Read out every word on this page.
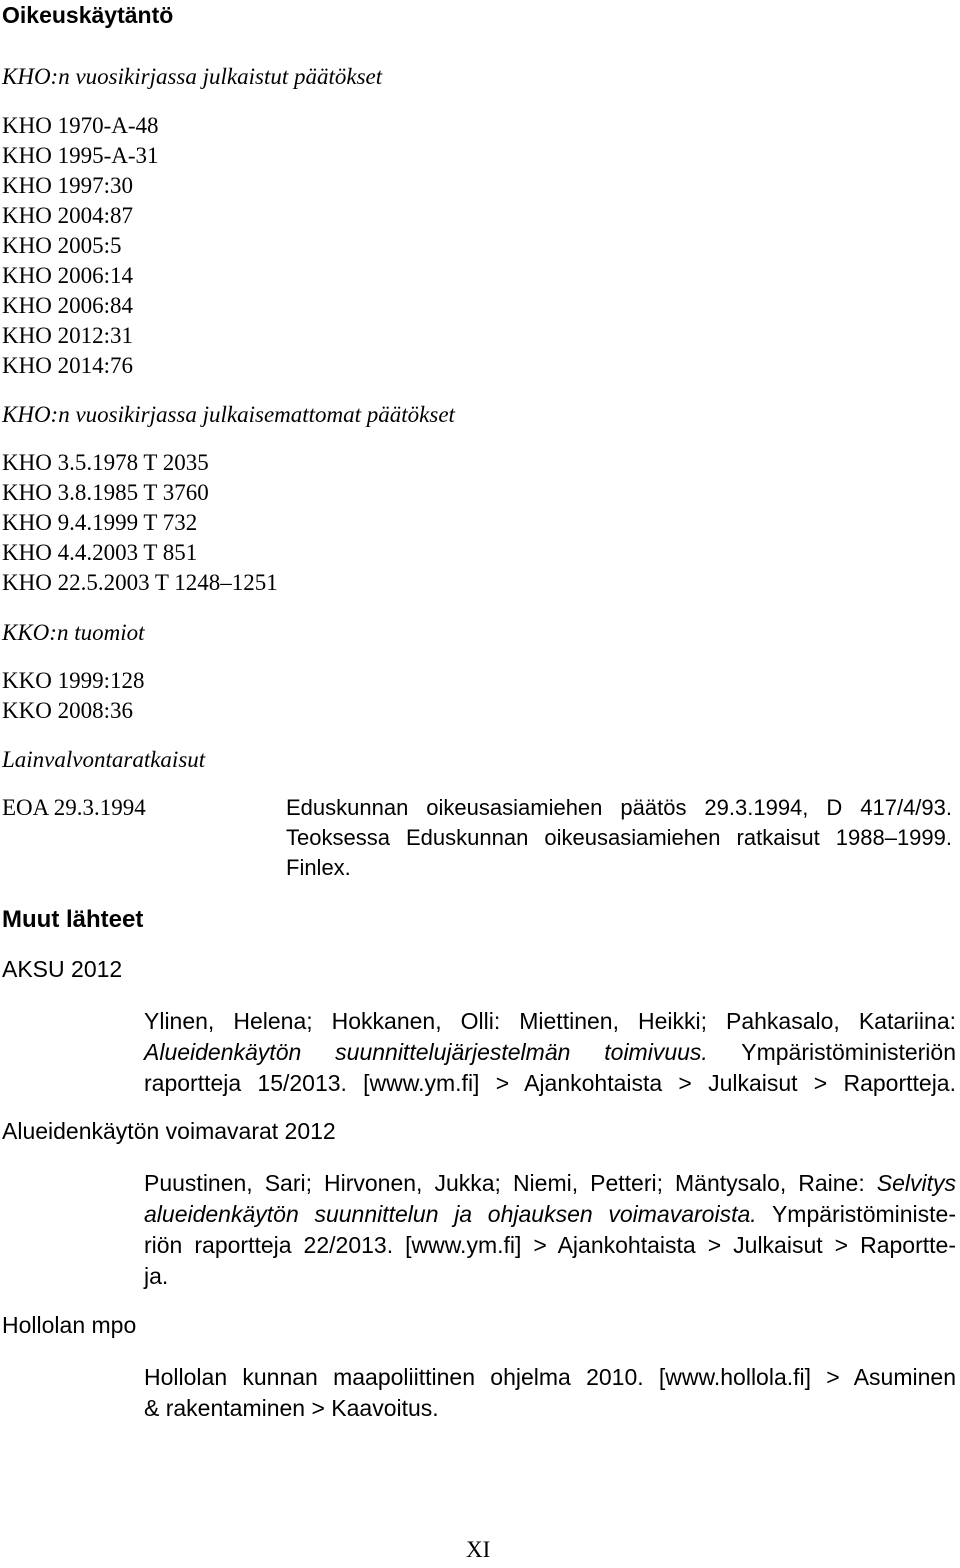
Oikeuskäytäntö
KHO:n vuosikirjassa julkaistut päätökset
KHO 1970-A-48
KHO 1995-A-31
KHO 1997:30
KHO 2004:87
KHO 2005:5
KHO 2006:14
KHO 2006:84
KHO 2012:31
KHO 2014:76
KHO:n vuosikirjassa julkaisemattomat päätökset
KHO 3.5.1978 T 2035
KHO 3.8.1985 T 3760
KHO 9.4.1999 T 732
KHO 4.4.2003 T 851
KHO 22.5.2003 T 1248–1251
KKO:n tuomiot
KKO 1999:128
KKO 2008:36
Lainvalvontaratkaisut
EOA 29.3.1994	Eduskunnan oikeusasiamiehen päätös 29.3.1994, D 417/4/93.
Teoksessa Eduskunnan oikeusasiamiehen ratkaisut 1988–1999.
Finlex.
Muut lähteet
AKSU 2012
Ylinen, Helena; Hokkanen, Olli: Miettinen, Heikki; Pahkasalo, Katariina:
Alueidenkäytön suunnittelujärjestelmän toimivuus. Ympäristöministeriön
raportteja 15/2013. [www.ym.fi] > Ajankohtaista > Julkaisut > Raportteja.
Alueidenkäytön voimavarat 2012
Puustinen, Sari; Hirvonen, Jukka; Niemi, Petteri; Mäntysalo, Raine: Selvitys
alueidenkäytön suunnittelun ja ohjauksen voimavaroista. Ympäristöministe-
riön raportteja 22/2013. [www.ym.fi] > Ajankohtaista > Julkaisut > Raportte-
ja.
Hollolan mpo
Hollolan kunnan maapoliittinen ohjelma 2010. [www.hollola.fi] > Asuminen
& rakentaminen > Kaavoitus.
XI
